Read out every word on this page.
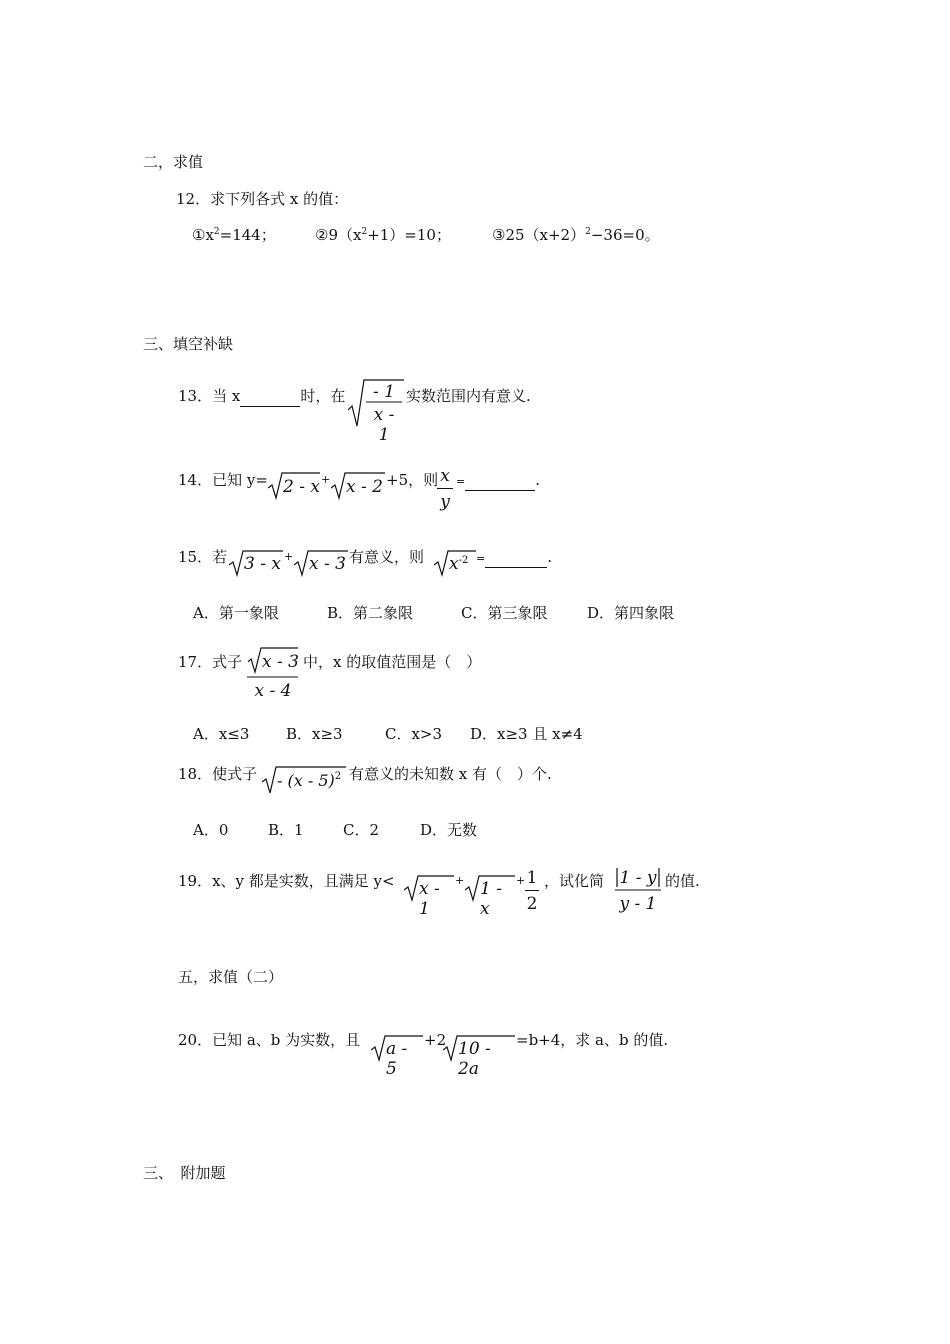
二，求值
12．求下列各式 x 的值：
$①x^2=144$；	$②9(x^2+1)=10$；	$③25(x+2)^2-36=0$。
三、填空补缺
13．当 x	时，在	- 1
x - 1
实数范围内有意义.
14．已知 y= 2 - x + x - 2 +5，则 x
y
=	.
15．若 3 - x + x - 3 有意义，则 $x^{-2}$ =	.
A．第一象限	B．第二象限	C．第三象限	D．第四象限
17．式子 x - 3
x - 4
中，x 的取值范围是（　）
A．x≤3 B．x≥3	C．x>3 D．x≥3 且 x≠4
18．使式子 - (x - 5)$^2$ 有意义的未知数 x 有（　）个.
A．0	B．1	C．2	D．无数
19．x、y 都是实数，且满足 y< x - 1
+ 1 - x
+ 1
2
，试化简 1 - y
y - 1
的值.
五，求值（二）
20．已知 a、b 为实数，且 a - 5
+2 10 - 2a
=b+4，求 a、b 的值.
三、　附加题
